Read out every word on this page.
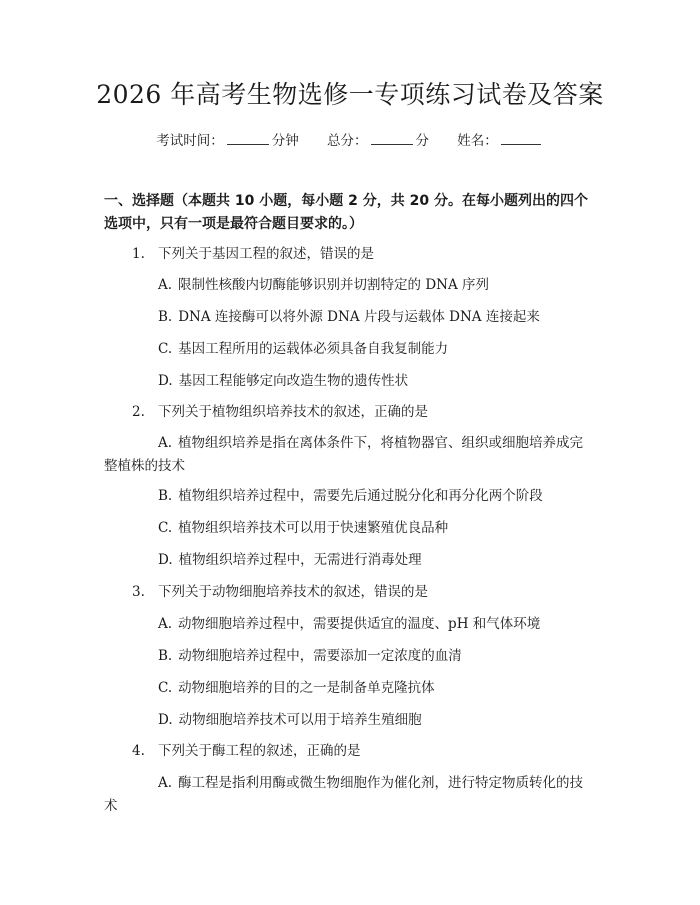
2026 年高考生物选修一专项练习试卷及答案
考试时间：	分钟 总分：	分 姓名：
一、选择题（本题共 10 小题，每小题 2 分，共 20 分。在每小题列出的四个选项中，只有一项是最符合题目要求的。）
1. 下列关于基因工程的叙述，错误的是
A. 限制性核酸内切酶能够识别并切割特定的 DNA 序列
B. DNA 连接酶可以将外源 DNA 片段与运载体 DNA 连接起来
C. 基因工程所用的运载体必须具备自我复制能力
D. 基因工程能够定向改造生物的遗传性状
2. 下列关于植物组织培养技术的叙述，正确的是
A. 植物组织培养是指在离体条件下，将植物器官、组织或细胞培养成完整植株的技术
B. 植物组织培养过程中，需要先后通过脱分化和再分化两个阶段
C. 植物组织培养技术可以用于快速繁殖优良品种
D. 植物组织培养过程中，无需进行消毒处理
3. 下列关于动物细胞培养技术的叙述，错误的是
A. 动物细胞培养过程中，需要提供适宜的温度、pH 和气体环境
B. 动物细胞培养过程中，需要添加一定浓度的血清
C. 动物细胞培养的目的之一是制备单克隆抗体
D. 动物细胞培养技术可以用于培养生殖细胞
4. 下列关于酶工程的叙述，正确的是
A. 酶工程是指利用酶或微生物细胞作为催化剂，进行特定物质转化的技术
